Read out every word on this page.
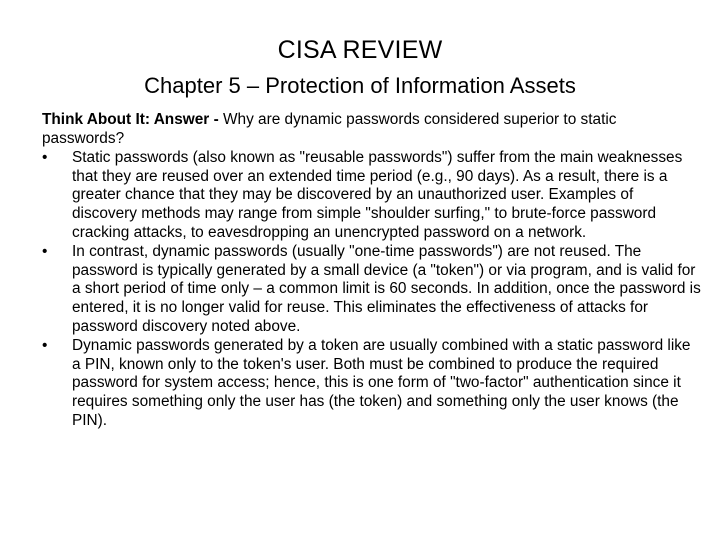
CISA REVIEW
Chapter 5 – Protection of Information Assets

Think About It: Answer - Why are dynamic passwords considered superior to static passwords?

•	Static passwords (also known as "reusable passwords") suffer from the main weaknesses that they are reused over an extended time period (e.g., 90 days). As a result, there is a greater chance that they may be discovered by an unauthorized user. Examples of discovery methods may range from simple "shoulder surfing," to brute-force password cracking attacks, to eavesdropping an unencrypted password on a network.
•	In contrast, dynamic passwords (usually "one-time passwords") are not reused. The password is typically generated by a small device (a "token") or via program, and is valid for a short period of time only – a common limit is 60 seconds. In addition, once the password is entered, it is no longer valid for reuse. This eliminates the effectiveness of attacks for password discovery noted above.
•	Dynamic passwords generated by a token are usually combined with a static password like a PIN, known only to the token's user. Both must be combined to produce the required password for system access; hence, this is one form of "two-factor" authentication since it requires something only the user has (the token) and something only the user knows (the PIN).
